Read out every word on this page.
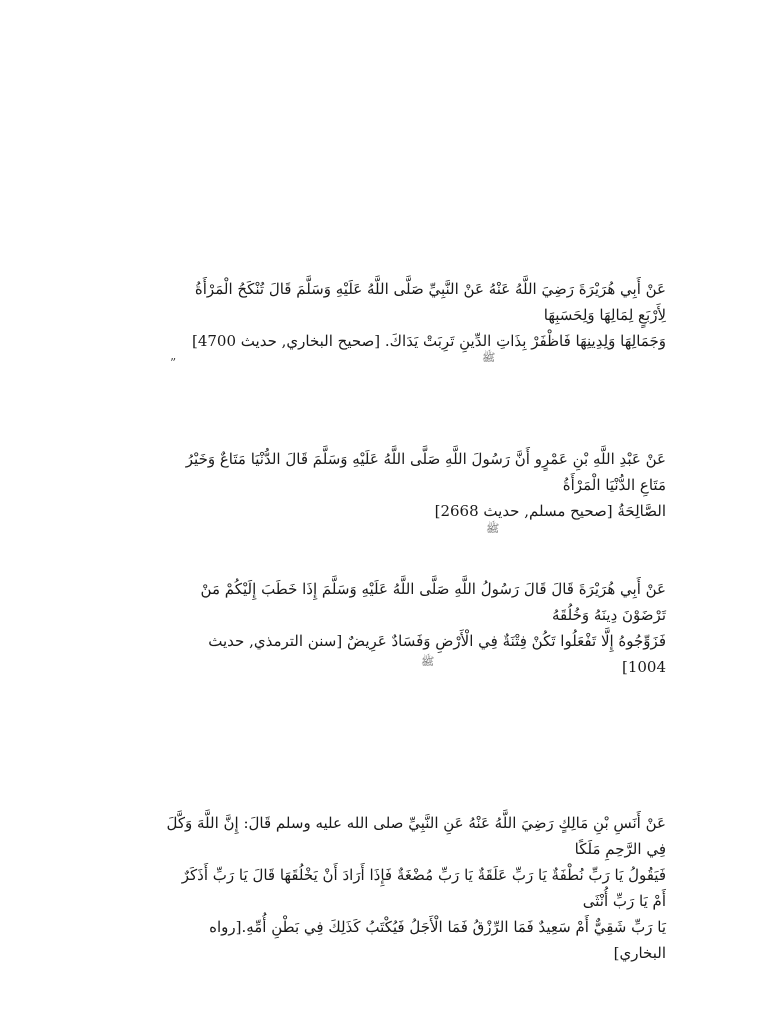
عَنْ أَبِي هُرَيْرَةَ رَضِيَ اللَّهُ عَنْهُ عَنْ النَّبِيِّ صَلَّى اللَّهُ عَلَيْهِ وَسَلَّمَ قَالَ تُنْكَحُ الْمَرْأَةُ لِأَرْبَعٍ لِمَالِهَا وَلِحَسَبِهَا
وَجَمَالِهَا وَلِدِينِهَا فَاظْفَرْ بِذَاتِ الدِّينِ تَرِبَتْ يَدَاكَ. [صحيح البخاري, حديث 4700]
”	ﷺ
عَنْ عَبْدِ اللَّهِ بْنِ عَمْرٍو أَنَّ رَسُولَ اللَّهِ صَلَّى اللَّهُ عَلَيْهِ وَسَلَّمَ قَالَ الدُّنْيَا مَتَاعٌ وَخَيْرُ مَتَاعِ الدُّنْيَا الْمَرْأَةُ
الصَّالِحَةُ [صحيح مسلم, حديث 2668]
ﷺ
عَنْ أَبِي هُرَيْرَةَ قَالَ قَالَ رَسُولُ اللَّهِ صَلَّى اللَّهُ عَلَيْهِ وَسَلَّمَ إِذَا خَطَبَ إِلَيْكُمْ مَنْ تَرْضَوْنَ دِينَهُ وَخُلُقَهُ
فَزَوِّجُوهُ إِلَّا تَفْعَلُوا تَكُنْ فِتْنَةٌ فِي الْأَرْضِ وَفَسَادٌ عَرِيضٌ [سنن الترمذي, حديث 1004]
ﷺ
عَنْ أَنَسِ بْنِ مَالِكٍ رَضِيَ اللَّهُ عَنْهُ عَنِ النَّبِيِّ صلى الله عليه وسلم قَالَ: إِنَّ اللَّهَ وَكَّلَ فِي الرَّحِمِ مَلَكًا
فَيَقُولُ يَا رَبِّ نُطْفَةٌ يَا رَبِّ عَلَقَةٌ يَا رَبِّ مُضْغَةٌ فَإِذَا أَرَادَ أَنْ يَخْلُقَهَا قَالَ يَا رَبِّ أَذَكَرٌ أَمْ يَا رَبِّ أُنْثَى
يَا رَبِّ شَقِيٌّ أَمْ سَعِيدٌ فَمَا الرِّزْقُ فَمَا الْأَجَلُ فَيُكْتَبُ كَذَلِكَ فِي بَطْنِ أُمِّهِ.[رواه البخاري]
